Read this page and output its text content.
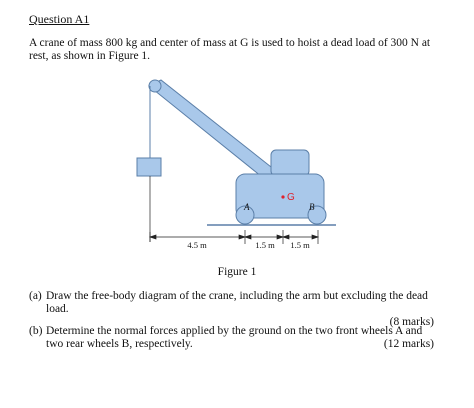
Question A1
A crane of mass 800 kg and center of mass at G is used to hoist a dead load of 300 N at rest, as shown in Figure 1.
G
A	B
4.5 m	1.5 m 1.5 m
Figure 1
(a) Draw the free-body diagram of the crane, including the arm but excluding the dead load.
(8 marks)
(b) Determine the normal forces applied by the ground on the two front wheels A and two rear wheels B, respectively.	(12 marks)
